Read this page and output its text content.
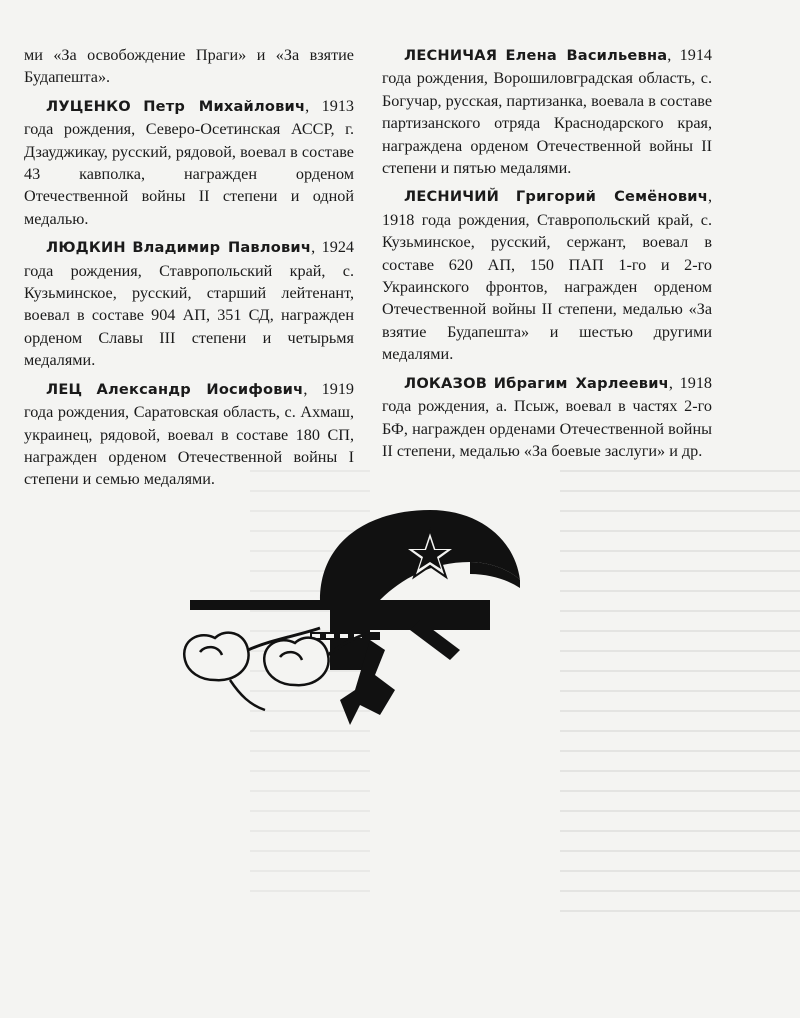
ми «За освобождение Праги» и «За взятие Будапешта».

ЛУЦЕНКО Петр Михайлович, 1913 года рождения, Северо-Осетинская АССР, г. Дзауджикау, русский, рядовой, воевал в составе 43 кавполка, награжден орденом Отечественной войны II степени и одной медалью.

ЛЮДКИН Владимир Павлович, 1924 года рождения, Ставропольский край, с. Кузьминское, русский, старший лейтенант, воевал в составе 904 АП, 351 СД, награжден орденом Славы III степени и четырьмя медалями.

ЛЕЦ Александр Иосифович, 1919 года рождения, Саратовская область, с. Ахмаш, украинец, рядовой, воевал в составе 180 СП, награжден орденом Отечественной войны I степени и семью медалями.

ЛЕСНИЧАЯ Елена Васильевна, 1914 года рождения, Ворошиловградская область, с. Богучар, русская, партизанка, воевала в составе партизанского отряда Краснодарского края, награждена орденом Отечественной войны II степени и пятью медалями.

ЛЕСНИЧИЙ Григорий Семёнович, 1918 года рождения, Ставропольский край, с. Кузьминское, русский, сержант, воевал в составе 620 АП, 150 ПАП 1-го и 2-го Украинского фронтов, награжден орденом Отечественной войны II степени, медалью «За взятие Будапешта» и шестью другими медалями.

ЛОКАЗОВ Ибрагим Харлеевич, 1918 года рождения, а. Псыж, воевал в частях 2-го БФ, награжден орденами Отечественной войны II степени, медалью «За боевые заслуги» и др.
